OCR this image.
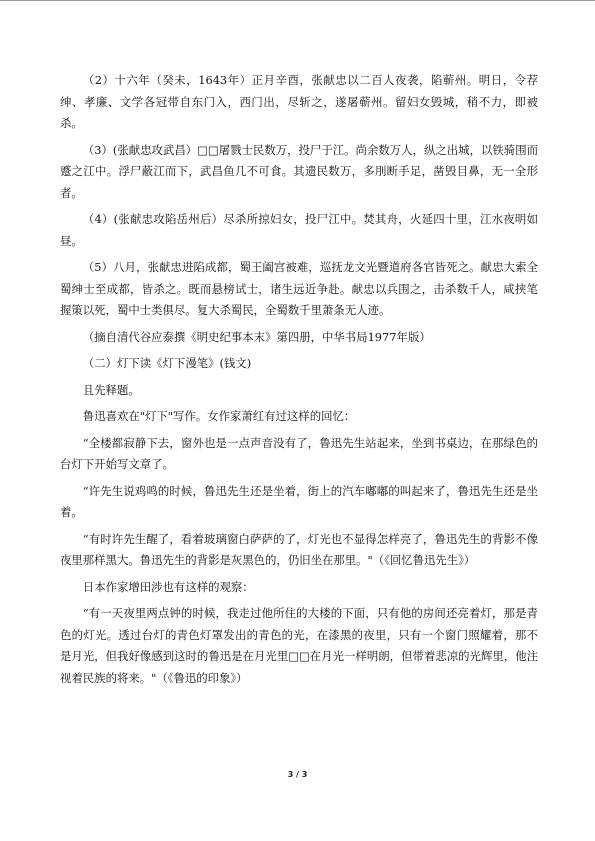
（2）十六年（癸未，1643年）正月辛酉，张献忠以二百人夜袭，陷蕲州。明日，令荐绅、孝廉、文学各冠带自东门入，西门出，尽斩之，遂屠蕲州。留妇女毁城，稍不力，即被杀。

（3）(张献忠攻武昌）□□屠戮士民数万，投尸于江。尚余数万人，纵之出城，以铁骑围而蹙之江中。浮尸蔽江而下，武昌鱼几不可食。其遗民数万，多刖断手足，凿毁目鼻，无一全形者。

（4）(张献忠攻陷岳州后）尽杀所掠妇女，投尸江中。焚其舟，火延四十里，江水夜明如昼。

（5）八月，张献忠进陷成都，蜀王阖宫被难，巡抚龙文光暨道府各官皆死之。献忠大索全蜀绅士至成都，皆杀之。既而悬榜试士，诸生远近争赴。献忠以兵围之，击杀数千人，咸挟笔握策以死，蜀中士类俱尽。复大杀蜀民，全蜀数千里萧条无人迹。

（摘自清代谷应泰撰《明史纪事本末》第四册，中华书局1977年版）

（二）灯下读《灯下漫笔》(钱文)

且先释题。

鲁迅喜欢在"灯下"写作。女作家萧红有过这样的回忆：

“全楼都寂静下去，窗外也是一点声音没有了，鲁迅先生站起来，坐到书桌边，在那绿色的台灯下开始写文章了。

“许先生说鸡鸣的时候，鲁迅先生还是坐着，街上的汽车嘟嘟的叫起来了，鲁迅先生还是坐着。

“有时许先生醒了，看着玻璃窗白萨萨的了，灯光也不显得怎样亮了，鲁迅先生的背影不像夜里那样黑大。鲁迅先生的背影是灰黑色的，仍旧坐在那里。"（《回忆鲁迅先生》）

日本作家增田涉也有这样的观察：

“有一天夜里两点钟的时候，我走过他所住的大楼的下面，只有他的房间还亮着灯，那是青色的灯光。透过台灯的青色灯罩发出的青色的光，在漆黑的夜里，只有一个窗门照耀着，那不是月光，但我好像感到这时的鲁迅是在月光里□□在月光一样明朗，但带着悲凉的光辉里，他注视着民族的将来。"（《鲁迅的印象》）

3 / 3
